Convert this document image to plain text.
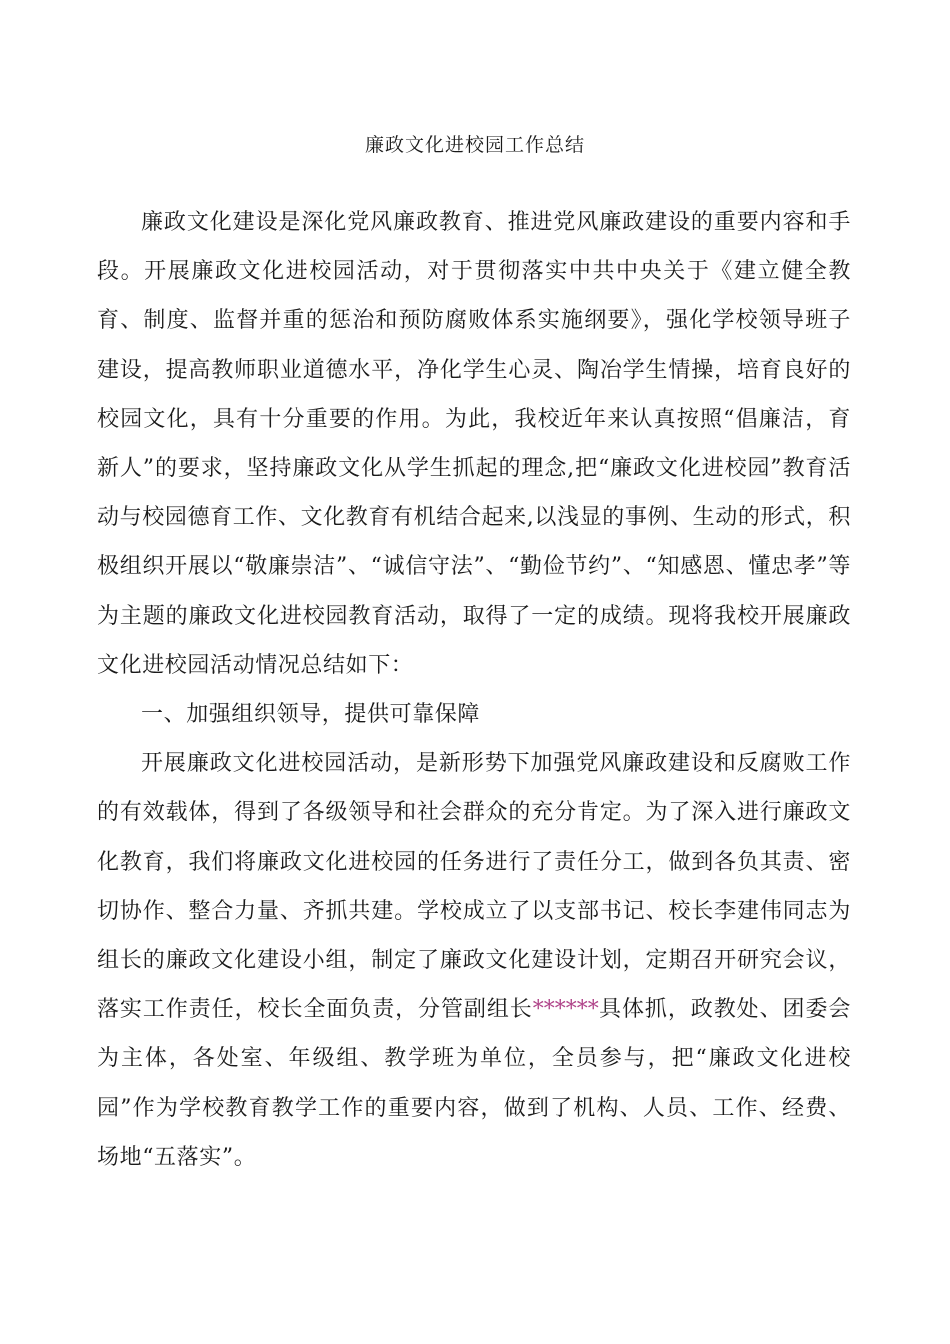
廉政文化进校园工作总结

廉政文化建设是深化党风廉政教育、推进党风廉政建设的重要内容和手段。开展廉政文化进校园活动，对于贯彻落实中共中央关于《建立健全教育、制度、监督并重的惩治和预防腐败体系实施纲要》，强化学校领导班子建设，提高教师职业道德水平，净化学生心灵、陶冶学生情操，培育良好的校园文化，具有十分重要的作用。为此，我校近年来认真按照“倡廉洁，育新人”的要求，坚持廉政文化从学生抓起的理念,把“廉政文化进校园”教育活动与校园德育工作、文化教育有机结合起来,以浅显的事例、生动的形式，积极组织开展以“敬廉崇洁”、“诚信守法”、“勤俭节约”、“知感恩、懂忠孝”等为主题的廉政文化进校园教育活动，取得了一定的成绩。现将我校开展廉政文化进校园活动情况总结如下：

一、加强组织领导，提供可靠保障

开展廉政文化进校园活动，是新形势下加强党风廉政建设和反腐败工作的有效载体，得到了各级领导和社会群众的充分肯定。为了深入进行廉政文化教育，我们将廉政文化进校园的任务进行了责任分工，做到各负其责、密切协作、整合力量、齐抓共建。学校成立了以支部书记、校长李建伟同志为组长的廉政文化建设小组，制定了廉政文化建设计划，定期召开研究会议，落实工作责任，校长全面负责，分管副组长******具体抓，政教处、团委会为主体，各处室、年级组、教学班为单位，全员参与，把“廉政文化进校园”作为学校教育教学工作的重要内容，做到了机构、人员、工作、经费、场地“五落实”。
